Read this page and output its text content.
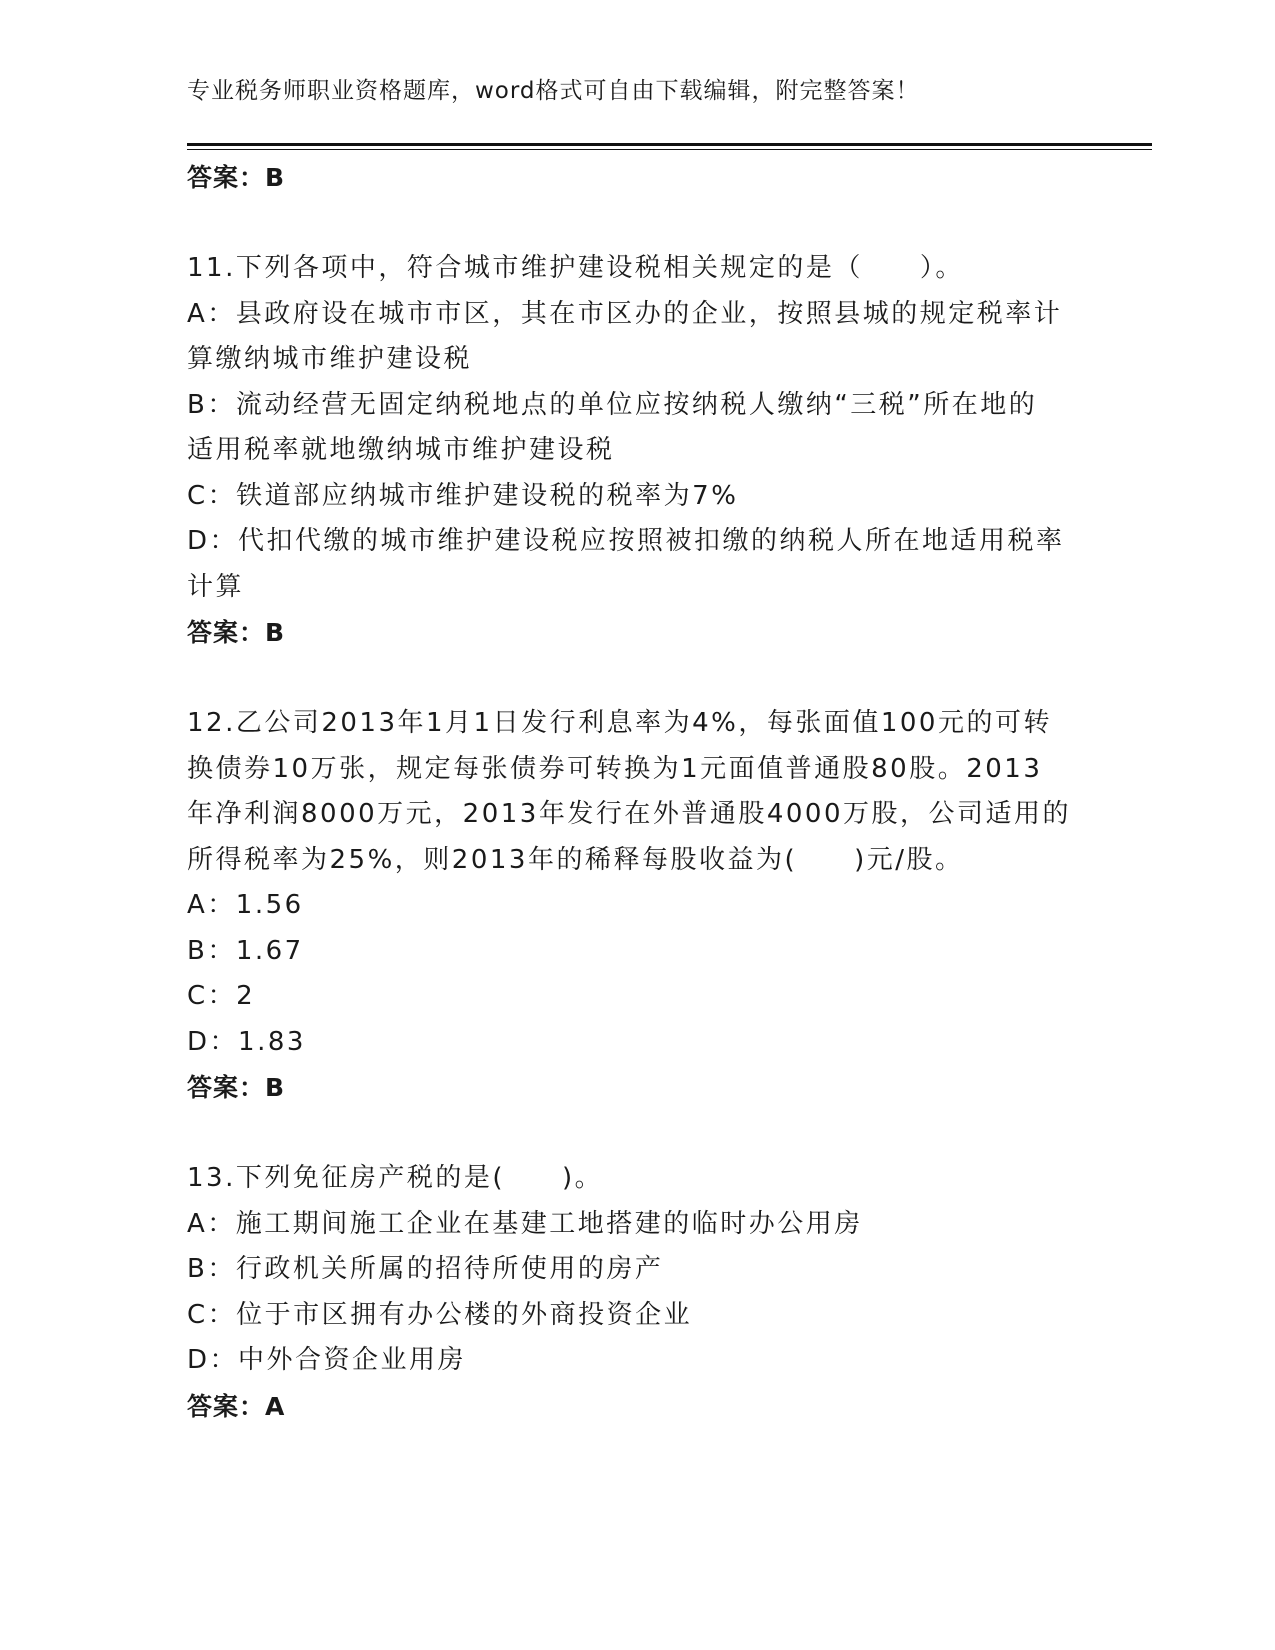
专业税务师职业资格题库，word格式可自由下载编辑，附完整答案！
答案：B
11.下列各项中，符合城市维护建设税相关规定的是（　　）。
A：县政府设在城市市区，其在市区办的企业，按照县城的规定税率计
算缴纳城市维护建设税
B：流动经营无固定纳税地点的单位应按纳税人缴纳“三税”所在地的
适用税率就地缴纳城市维护建设税
C：铁道部应纳城市维护建设税的税率为7%
D：代扣代缴的城市维护建设税应按照被扣缴的纳税人所在地适用税率
计算
答案：B
12.乙公司2013年1月1日发行利息率为4%，每张面值100元的可转
换债券10万张，规定每张债券可转换为1元面值普通股80股。2013
年净利润8000万元，2013年发行在外普通股4000万股，公司适用的
所得税率为25%，则2013年的稀释每股收益为(　　)元/股。
A：1.56
B：1.67
C：2
D：1.83
答案：B
13.下列免征房产税的是(　　)。
A：施工期间施工企业在基建工地搭建的临时办公用房
B：行政机关所属的招待所使用的房产
C：位于市区拥有办公楼的外商投资企业
D：中外合资企业用房
答案：A
